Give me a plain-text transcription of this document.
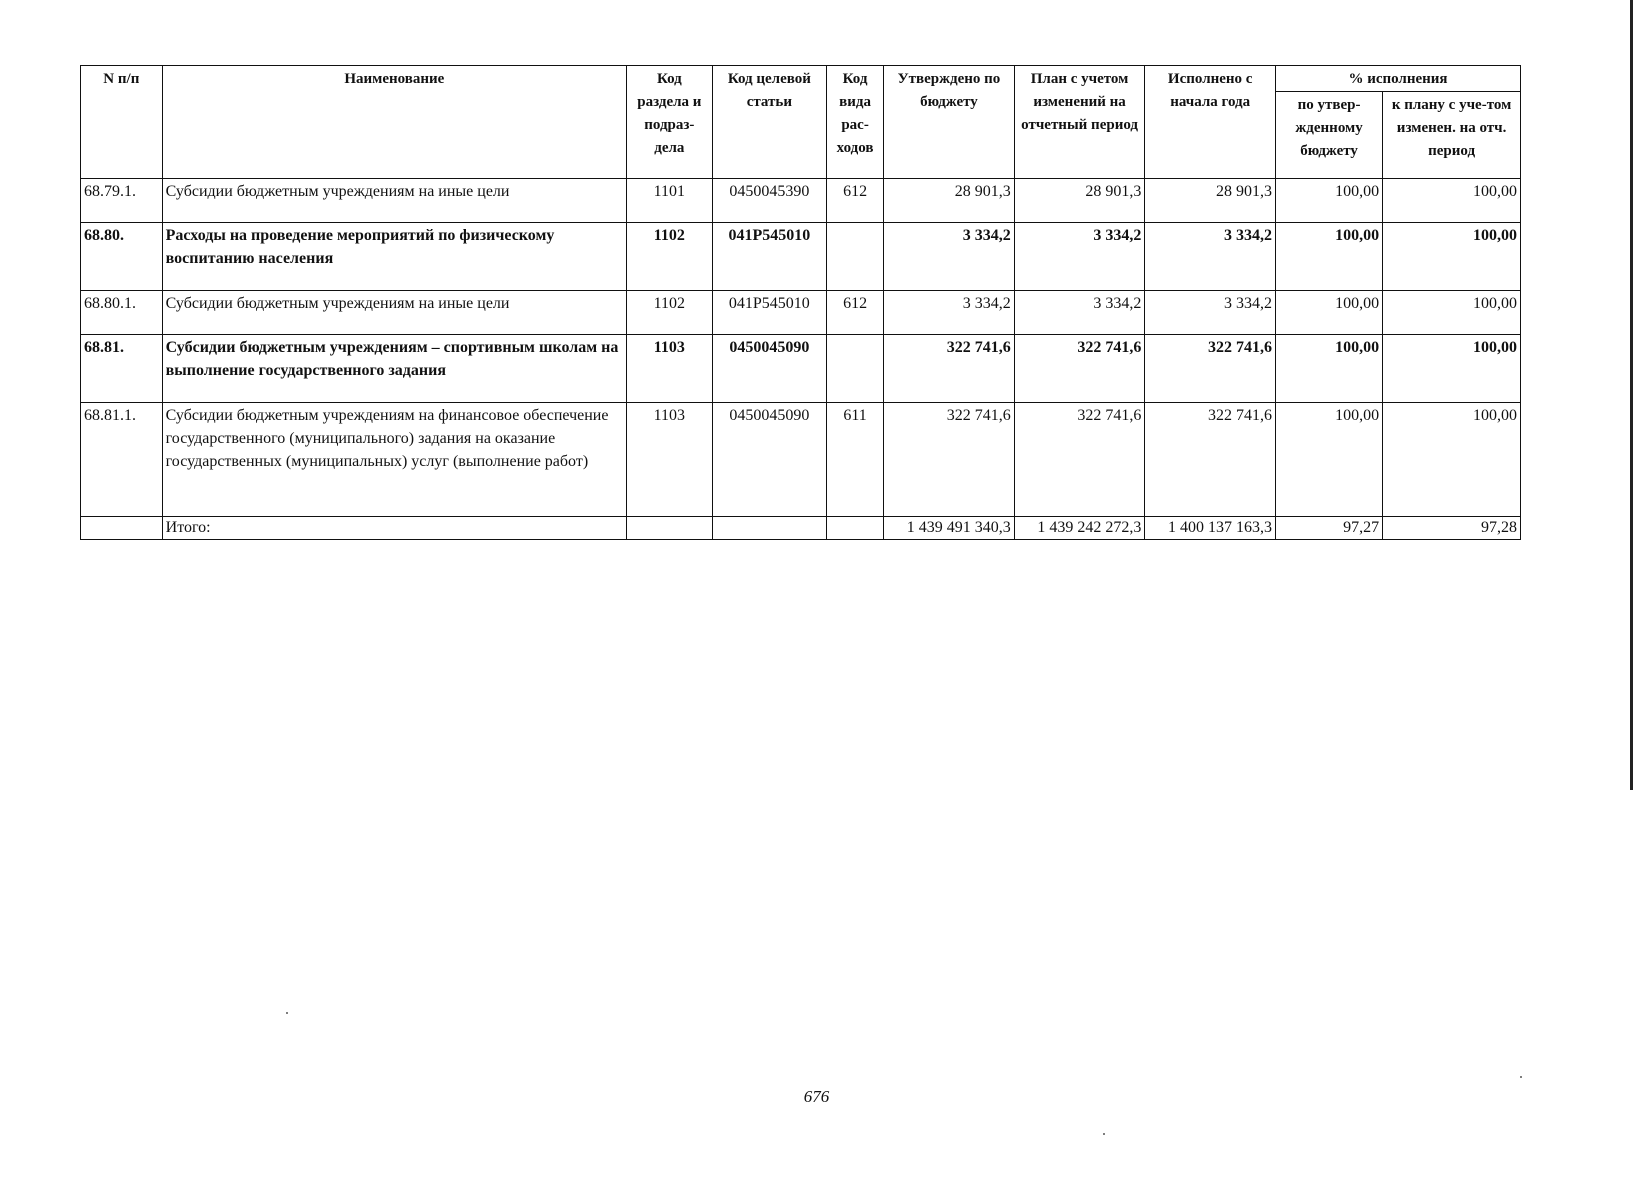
N п/п	Наименование	Код раздела и подраз-дела	Код целевой статьи	Код вида рас-ходов	Утверждено по бюджету	План с учетом изменений на отчетный период	Исполнено с начала года	% исполнения	
								по утвер-жденному бюджету	к плану с уче-том изменен. на отч. период
68.79.1.	Субсидии бюджетным учреждениям на иные цели	1101	0450045390	612	28 901,3	28 901,3	28 901,3	100,00	100,00
68.80.	Расходы на проведение мероприятий по физическому воспитанию населения	1102	041P545010		3 334,2	3 334,2	3 334,2	100,00	100,00
68.80.1.	Субсидии бюджетным учреждениям на иные цели	1102	041P545010	612	3 334,2	3 334,2	3 334,2	100,00	100,00
68.81.	Субсидии бюджетным учреждениям – спортивным школам на выполнение государственного задания	1103	0450045090		322 741,6	322 741,6	322 741,6	100,00	100,00
68.81.1.	Субсидии бюджетным учреждениям на финансовое обеспечение государственного (муниципального) задания на оказание государственных (муниципальных) услуг (выполнение работ)	1103	0450045090	611	322 741,6	322 741,6	322 741,6	100,00	100,00
	Итого:				1 439 491 340,3	1 439 242 272,3	1 400 137 163,3	97,27	97,28
676
